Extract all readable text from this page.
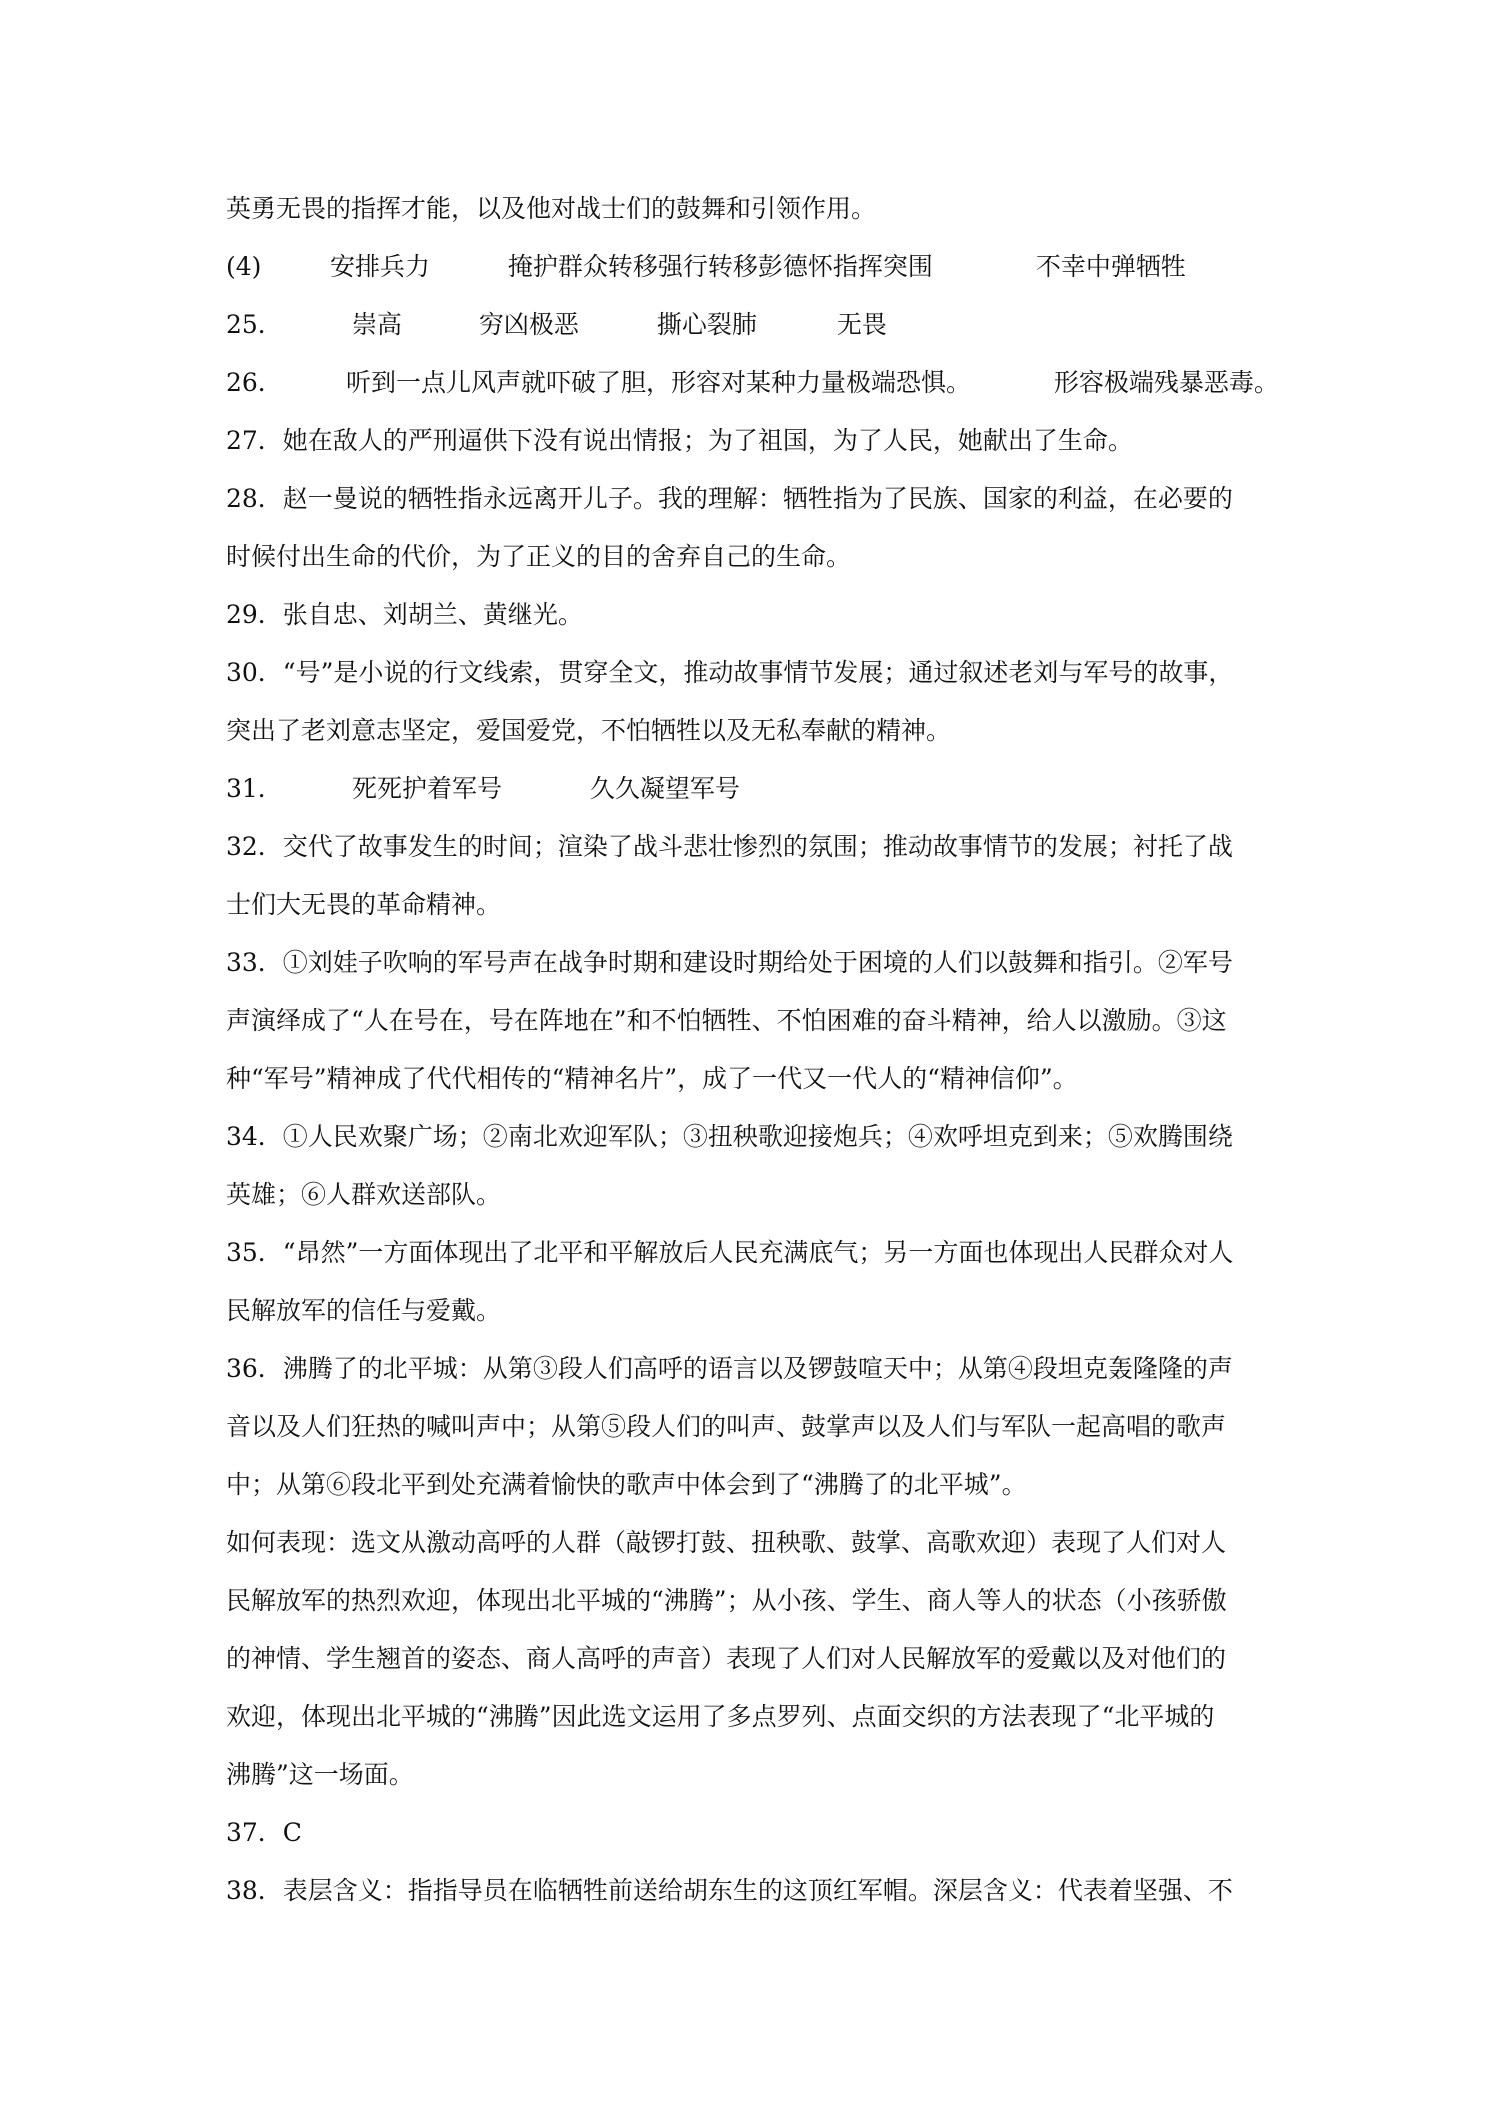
英勇无畏的指挥才能，以及他对战士们的鼓舞和引领作用。
(4)	安排兵力	掩护群众转移强行转移彭德怀指挥突围	不幸中弹牺牲
25．	崇高	穷凶极恶	撕心裂肺	无畏
26．	听到一点儿风声就吓破了胆，形容对某种力量极端恐惧。	形容极端残暴恶毒。
27．她在敌人的严刑逼供下没有说出情报；为了祖国，为了人民，她献出了生命。
28．赵一曼说的牺牲指永远离开儿子。我的理解：牺牲指为了民族、国家的利益，在必要的
时候付出生命的代价，为了正义的目的舍弃自己的生命。
29．张自忠、刘胡兰、黄继光。
30．“号”是小说的行文线索，贯穿全文，推动故事情节发展；通过叙述老刘与军号的故事，
突出了老刘意志坚定，爱国爱党，不怕牺牲以及无私奉献的精神。
31．	死死护着军号	久久凝望军号
32．交代了故事发生的时间；渲染了战斗悲壮惨烈的氛围；推动故事情节的发展；衬托了战
士们大无畏的革命精神。
33．①刘娃子吹响的军号声在战争时期和建设时期给处于困境的人们以鼓舞和指引。②军号
声演绎成了“人在号在，号在阵地在”和不怕牺牲、不怕困难的奋斗精神，给人以激励。③这
种“军号”精神成了代代相传的“精神名片”，成了一代又一代人的“精神信仰”。
34．①人民欢聚广场；②南北欢迎军队；③扭秧歌迎接炮兵；④欢呼坦克到来；⑤欢腾围绕
英雄；⑥人群欢送部队。
35．“昂然”一方面体现出了北平和平解放后人民充满底气；另一方面也体现出人民群众对人
民解放军的信任与爱戴。
36．沸腾了的北平城：从第③段人们高呼的语言以及锣鼓喧天中；从第④段坦克轰隆隆的声
音以及人们狂热的喊叫声中；从第⑤段人们的叫声、鼓掌声以及人们与军队一起高唱的歌声
中；从第⑥段北平到处充满着愉快的歌声中体会到了“沸腾了的北平城”。
如何表现：选文从激动高呼的人群（敲锣打鼓、扭秧歌、鼓掌、高歌欢迎）表现了人们对人
民解放军的热烈欢迎，体现出北平城的“沸腾”；从小孩、学生、商人等人的状态（小孩骄傲
的神情、学生翘首的姿态、商人高呼的声音）表现了人们对人民解放军的爱戴以及对他们的
欢迎，体现出北平城的“沸腾”因此选文运用了多点罗列、点面交织的方法表现了“北平城的
沸腾”这一场面。
37．C
38．表层含义：指指导员在临牺牲前送给胡东生的这顶红军帽。深层含义：代表着坚强、不
